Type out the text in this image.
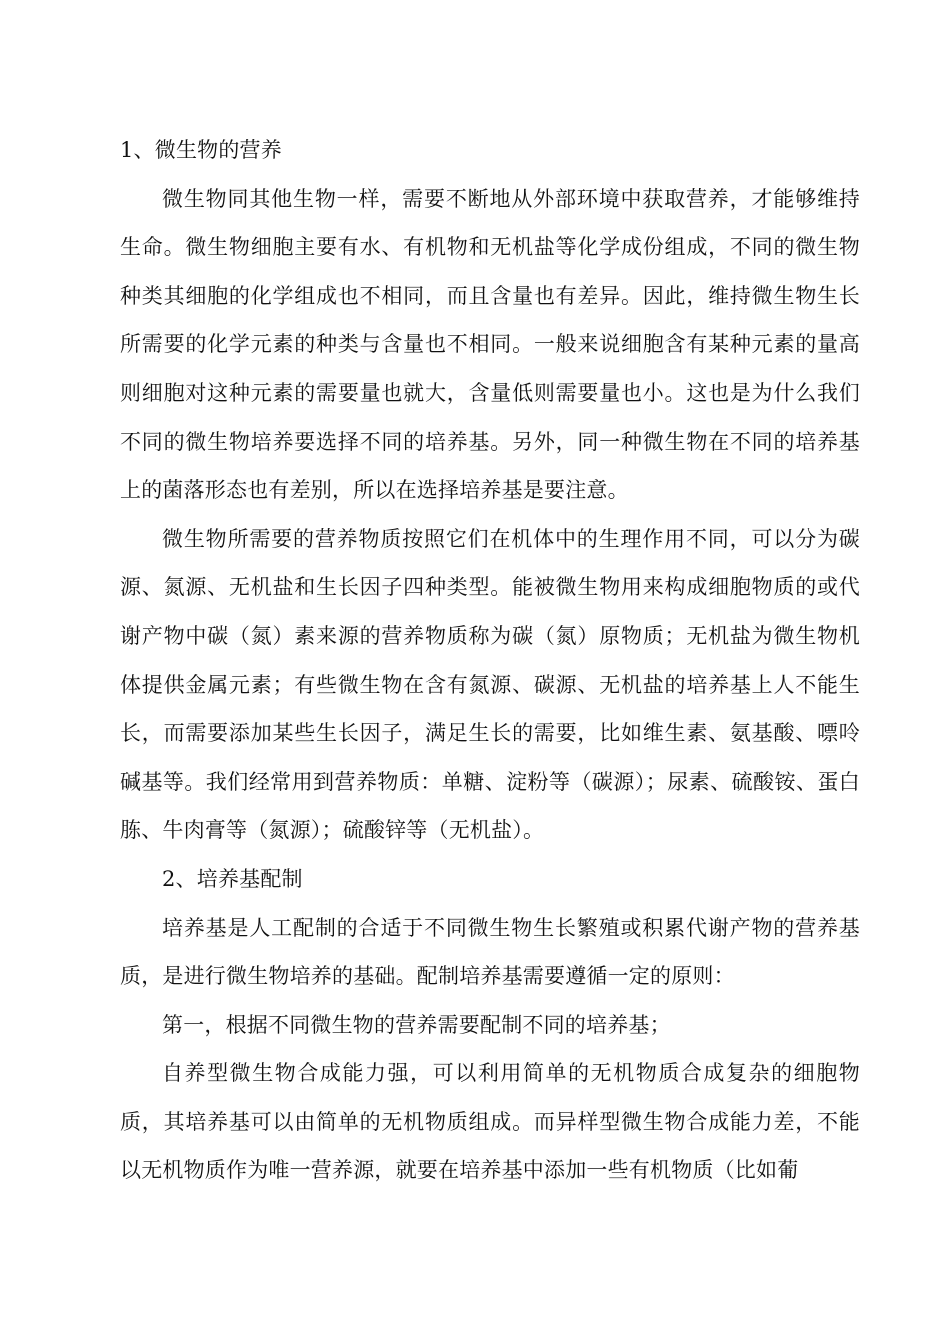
1、微生物的营养

微生物同其他生物一样，需要不断地从外部环境中获取营养，才能够维持生命。微生物细胞主要有水、有机物和无机盐等化学成份组成，不同的微生物种类其细胞的化学组成也不相同，而且含量也有差异。因此，维持微生物生长所需要的化学元素的种类与含量也不相同。一般来说细胞含有某种元素的量高则细胞对这种元素的需要量也就大，含量低则需要量也小。这也是为什么我们不同的微生物培养要选择不同的培养基。另外，同一种微生物在不同的培养基上的菌落形态也有差别，所以在选择培养基是要注意。

微生物所需要的营养物质按照它们在机体中的生理作用不同，可以分为碳源、氮源、无机盐和生长因子四种类型。能被微生物用来构成细胞物质的或代谢产物中碳（氮）素来源的营养物质称为碳（氮）原物质；无机盐为微生物机体提供金属元素；有些微生物在含有氮源、碳源、无机盐的培养基上人不能生长，而需要添加某些生长因子，满足生长的需要，比如维生素、氨基酸、嘌呤碱基等。我们经常用到营养物质：单糖、淀粉等（碳源）；尿素、硫酸铵、蛋白胨、牛肉膏等（氮源）；硫酸锌等（无机盐）。

2、培养基配制

培养基是人工配制的合适于不同微生物生长繁殖或积累代谢产物的营养基质，是进行微生物培养的基础。配制培养基需要遵循一定的原则：

第一，根据不同微生物的营养需要配制不同的培养基；

自养型微生物合成能力强，可以利用简单的无机物质合成复杂的细胞物质，其培养基可以由简单的无机物质组成。而异样型微生物合成能力差，不能以无机物质作为唯一营养源，就要在培养基中添加一些有机物质（比如葡
